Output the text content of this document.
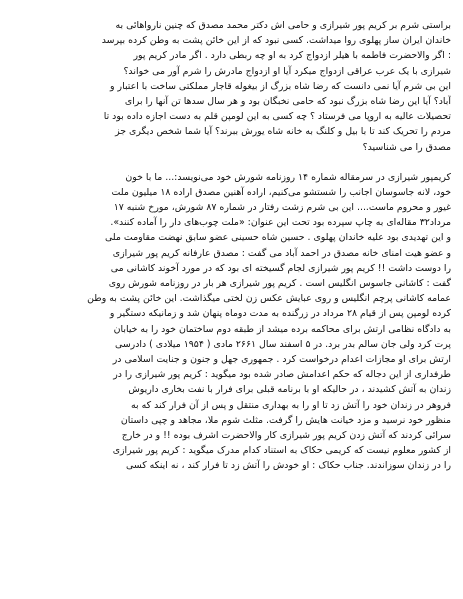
براستی شرم بر کریم پور شیرازی و حامی اش دکتر محمد مصدق که چنین ناروا‌هائی به
خاندان ایران ساز پهلوی روا میداشت. کسی نبود که از این خائن پشت به وطن کرده بپرسد
: اگر والاحضرت فاطمه با هیلر ازدواج کرد به او چه ربطی دارد . اگر مادر کریم پور
شیرازی با یک عرب عراقی ازدواج میکرد آیا او ازدواج مادرش را شرم آور می خواند؟
این بی شرم آیا نمی دانست که رضا شاه بزرگ از بیغوله قاجار مملکتی ساخت با اعتبار و
آباد؟ آیا این رضا شاه بزرگ نبود که حامی نخبگان بود و هر سال سدها تن آنها را برای
تحصیلات عالیه به اروپا می فرستاد ؟ چه کسی به این لومپن قلم به دست اجازه داده بود تا
مردم را تحریک کند تا با بیل و کلنگ به خانه شاه یورش ببرند؟ آیا شما شخص دیگری جز
مصدق را می شناسید؟
کریمپور شیرازی در سرمقاله شماره ۱۴ روزنامه شورش خود می‌نویسد:... ما با خون
خود، لانه جاسوسان اجانب را شستشو می‌کنیم، اراده آهنین مصدق اراده ۱۸ میلیون ملت
غیور و محروم ماست.... این بی شرم زشت رفتار در شماره ۸۷ شورش، مورخ شنبه ۱۷
مرداد۳۲ مقاله‌ای به چاپ سپرده بود تحت این عنوان: «ملت چوب‌های دار را آماده کنند».
و این تهدیدی بود علیه خاندان پهلوی . حسین شاه حسینی عضو سابق نهضت مقاومت ملی
و عضو هیت امنای خانه مصدق در احمد آباد می گفت : مصدق عارفانه کریم پور شیرازی
را دوست داشت !! کریم پور شیرازی لجام گسیخته ای بود که در مورد آخوند کاشانی می
گفت : کاشانی جاسوس انگلیس است . کریم پور شیرازی هر بار در روزنامه شورش روی
عمامه کاشانی پرچم انگلیس و روی عبایش عکس زن لختی میگذاشت. این خائن پشت به وطن
کرده لومپن پس از قیام ۲۸ مرداد در زرگنده به مدت دوماه پنهان شد و زمانیکه دستگیر و
به دادگاه نظامی ارتش برای محاکمه برده میشد از طبقه دوم ساختمان خود را به خیابان
پرت کرد ولی جان سالم بدر برد. در ۵ اسفند سال ۲۶۶۱ مادی ( ۱۹۵۴ میلادی ) دادرسی
ارتش برای او مجازات اعدام درخواست کرد . جمهوری جهل و جنون و جنایت اسلامی در
طرفداری از این دجاله که حکم اعدامش صادر شده بود میگوید : کریم پور شیرازی را در
زندان به آتش کشیدند ، در حالیکه او با برنامه قبلی برای فرار با نفت بخاری داریوش
فروهر در زندان خود را آتش زد تا او را به بهداری منتقل و پس از آن فرار کند که به
منظور خود نرسید و مزد خیانت هایش را گرفت. مثلث شوم ملا، مجاهد و چپی داستان
سرائی کردند که آتش زدن کریم پور شیرازی کار والاحضرت اشرف بوده !! و در خارج
از کشور معلوم نیست که کریمی حکاک به استناد کدام مدرک میگوید : کریم پور شیرازی
را در زندان سوزاندند. جناب حکاک : او خودش را آتش زد تا فرار کند ، نه اینکه کسی
